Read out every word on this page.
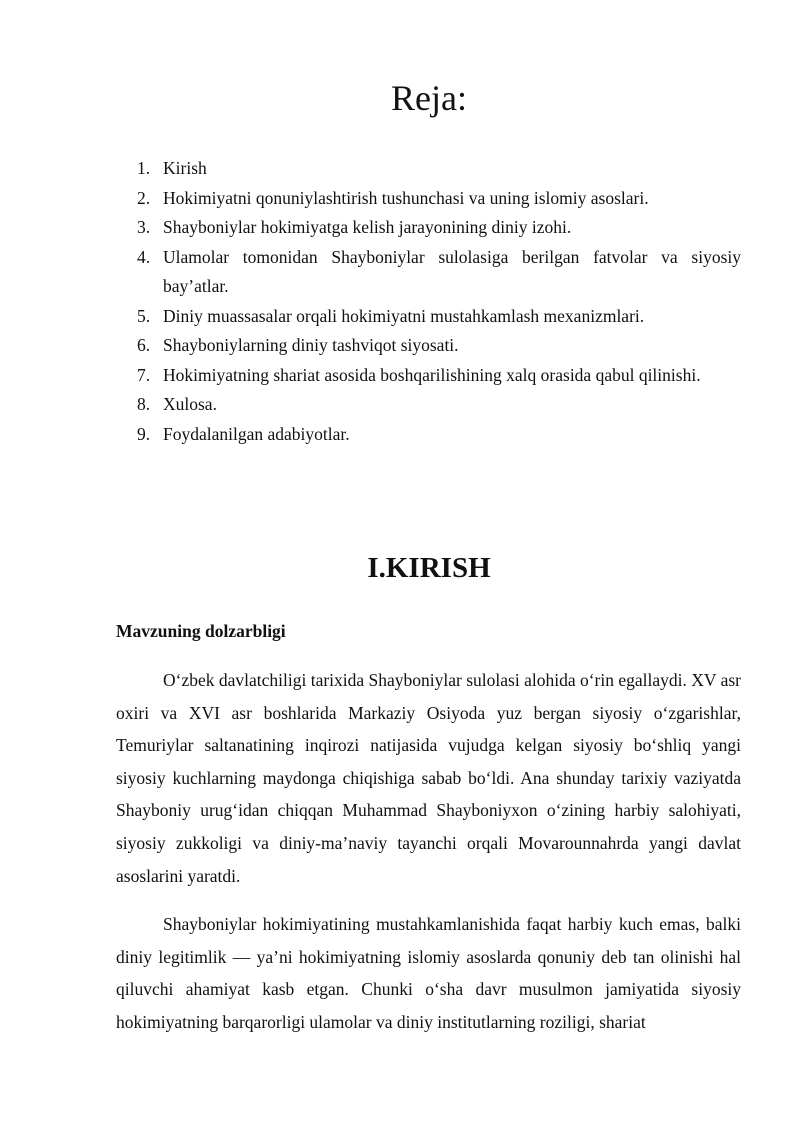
Reja:
1. Kirish
2. Hokimiyatni qonuniylashtirish tushunchasi va uning islomiy asoslari.
3. Shayboniylar hokimiyatga kelish jarayonining diniy izohi.
4. Ulamolar tomonidan Shayboniylar sulolasiga berilgan fatvolar va siyosiy bay’atlar.
5. Diniy muassasalar orqali hokimiyatni mustahkamlash mexanizmlari.
6. Shayboniylarning diniy tashviqot siyosati.
7. Hokimiyatning shariat asosida boshqarilishining xalq orasida qabul qilinishi.
8. Xulosa.
9. Foydalanilgan adabiyotlar.
I.KIRISH
Mavzuning dolzarbligi

O‘zbek davlatchiligi tarixida Shayboniylar sulolasi alohida o‘rin egallaydi. XV asr oxiri va XVI asr boshlarida Markaziy Osiyoda yuz bergan siyosiy o‘zgarishlar, Temuriylar saltanatining inqirozi natijasida vujudga kelgan siyosiy bo‘shliq yangi siyosiy kuchlarning maydonga chiqishiga sabab bo‘ldi. Ana shunday tarixiy vaziyatda Shayboniy urug‘idan chiqqan Muhammad Shayboniyxon o‘zining harbiy salohiyati, siyosiy zukkoligi va diniy-ma’naviy tayanchi orqali Movarounnahrda yangi davlat asoslarini yaratdi.

Shayboniylar hokimiyatining mustahkamlanishida faqat harbiy kuch emas, balki diniy legitimlik — ya’ni hokimiyatning islomiy asoslarda qonuniy deb tan olinishi hal qiluvchi ahamiyat kasb etgan. Chunki o‘sha davr musulmon jamiyatida siyosiy hokimiyatning barqarorligi ulamolar va diniy institutlarning roziligi, shariat
